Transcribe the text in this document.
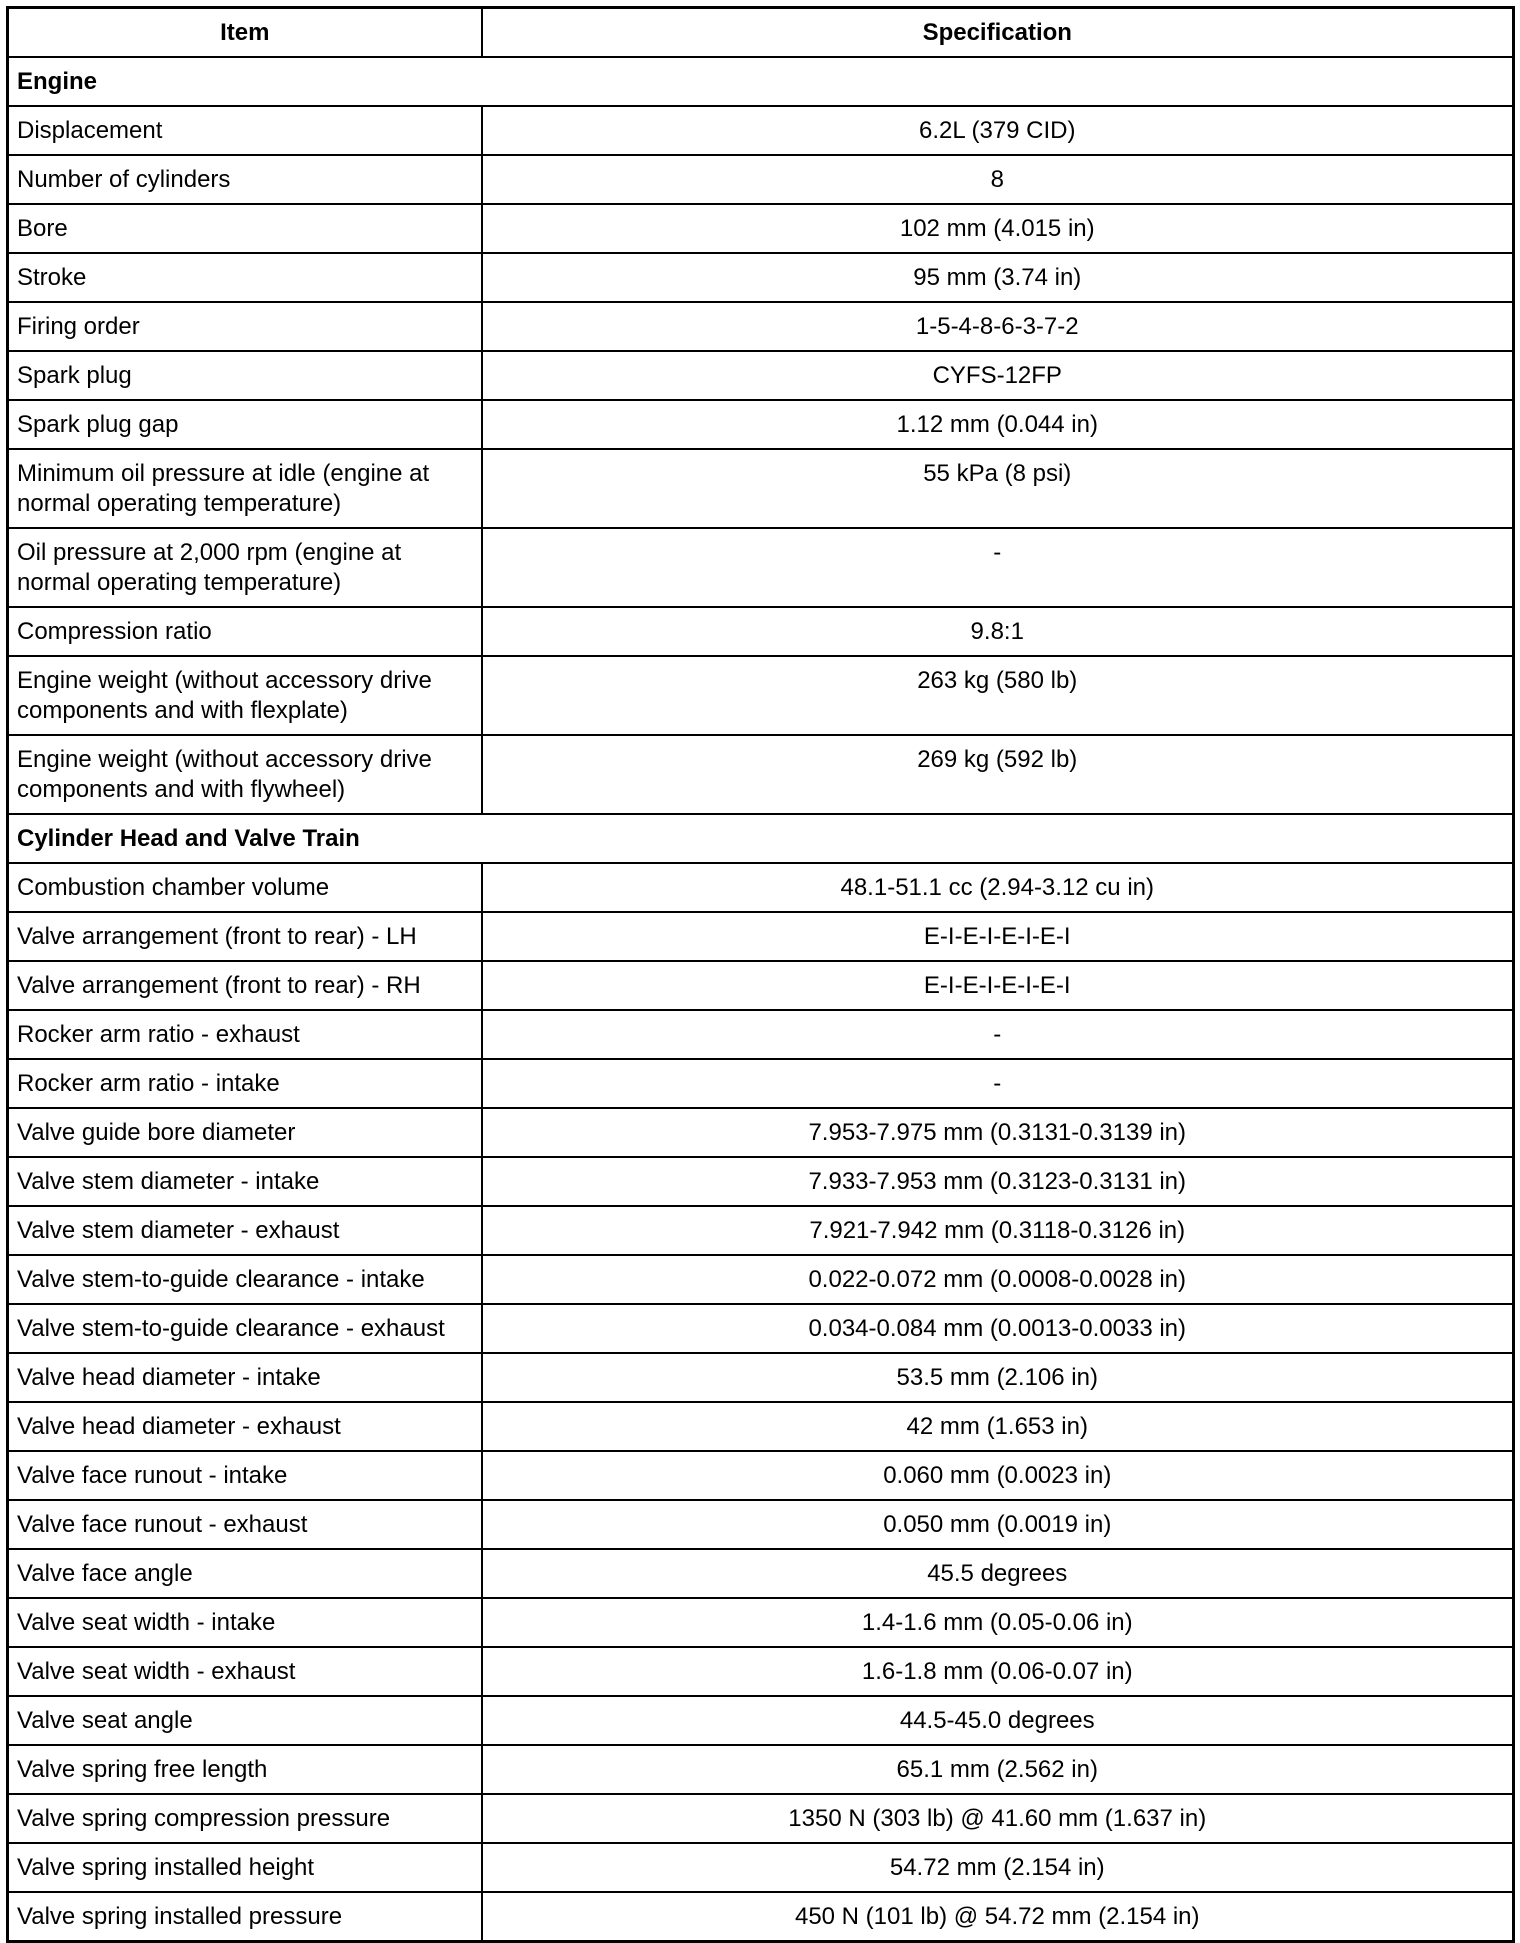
Item	Specification
Engine	
Displacement	6.2L (379 CID)
Number of cylinders	8
Bore	102 mm (4.015 in)
Stroke	95 mm (3.74 in)
Firing order	1-5-4-8-6-3-7-2
Spark plug	CYFS-12FP
Spark plug gap	1.12 mm (0.044 in)
Minimum oil pressure at idle (engine at normal operating temperature)	55 kPa (8 psi)
Oil pressure at 2,000 rpm (engine at normal operating temperature)	-
Compression ratio	9.8:1
Engine weight (without accessory drive components and with flexplate)	263 kg (580 lb)
Engine weight (without accessory drive components and with flywheel)	269 kg (592 lb)
Cylinder Head and Valve Train	
Combustion chamber volume	48.1-51.1 cc (2.94-3.12 cu in)
Valve arrangement (front to rear) - LH	E-I-E-I-E-I-E-I
Valve arrangement (front to rear) - RH	E-I-E-I-E-I-E-I
Rocker arm ratio - exhaust	-
Rocker arm ratio - intake	-
Valve guide bore diameter	7.953-7.975 mm (0.3131-0.3139 in)
Valve stem diameter - intake	7.933-7.953 mm (0.3123-0.3131 in)
Valve stem diameter - exhaust	7.921-7.942 mm (0.3118-0.3126 in)
Valve stem-to-guide clearance - intake	0.022-0.072 mm (0.0008-0.0028 in)
Valve stem-to-guide clearance - exhaust	0.034-0.084 mm (0.0013-0.0033 in)
Valve head diameter - intake	53.5 mm (2.106 in)
Valve head diameter - exhaust	42 mm (1.653 in)
Valve face runout - intake	0.060 mm (0.0023 in)
Valve face runout - exhaust	0.050 mm (0.0019 in)
Valve face angle	45.5 degrees
Valve seat width - intake	1.4-1.6 mm (0.05-0.06 in)
Valve seat width - exhaust	1.6-1.8 mm (0.06-0.07 in)
Valve seat angle	44.5-45.0 degrees
Valve spring free length	65.1 mm (2.562 in)
Valve spring compression pressure	1350 N (303 lb) @ 41.60 mm (1.637 in)
Valve spring installed height	54.72 mm (2.154 in)
Valve spring installed pressure	450 N (101 lb) @ 54.72 mm (2.154 in)
